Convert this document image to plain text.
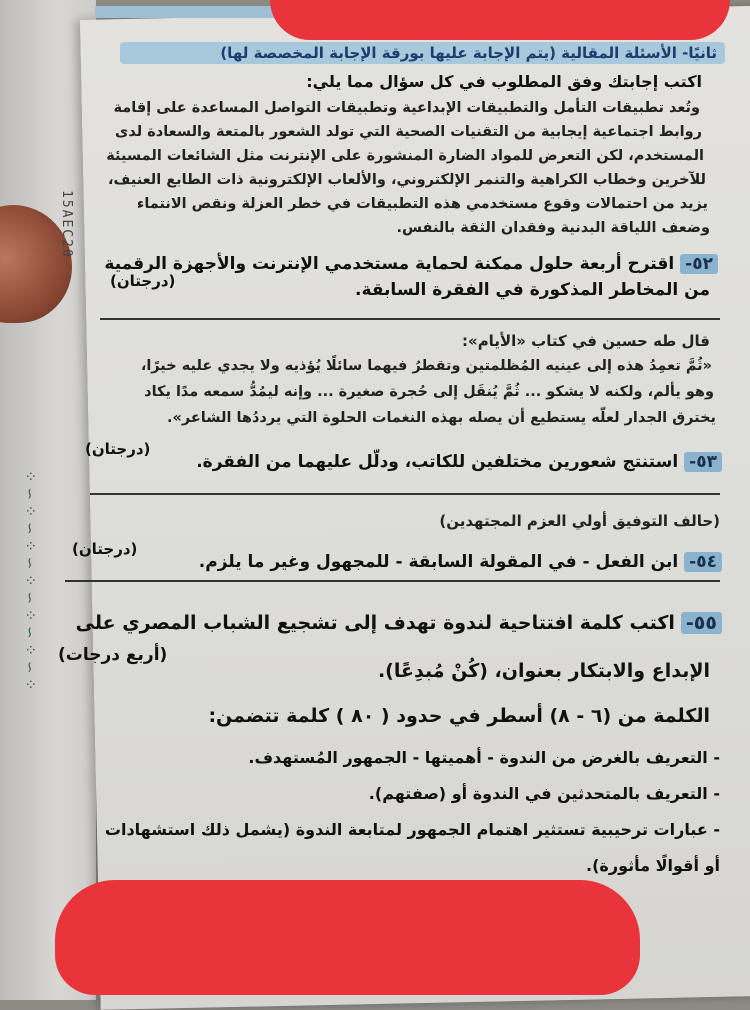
15AEC20
⁘ ∽ ⁘ ∽ ⁘ ∽ ⁘ ∽ ⁘ ∽ ⁘ ∽ ⁘
ثانيًا- الأسئلة المقالية (يتم الإجابة عليها بورقة الإجابة المخصصة لها)
اكتب إجابتك وفق المطلوب في كل سؤال مما يلي:
وتُعد تطبيقات التأمل والتطبيقات الإبداعية وتطبيقات التواصل المساعدة على إقامة
روابط اجتماعية إيجابية من التقنيات الصحية التي تولد الشعور بالمتعة والسعادة لدى
المستخدم، لكن التعرض للمواد الضارة المنشورة على الإنترنت مثل الشائعات المسيئة
للآخرين وخطاب الكراهية والتنمر الإلكتروني، والألعاب الإلكترونية ذات الطابع العنيف،
يزيد من احتمالات وقوع مستخدمي هذه التطبيقات في خطر العزلة ونقص الانتماء
وضعف اللياقة البدنية وفقدان الثقة بالنفس.
٥٢-اقترح أربعة حلول ممكنة لحماية مستخدمي الإنترنت والأجهزة الرقمية
من المخاطر المذكورة في الفقرة السابقة.
(درجتان)
قال طه حسين في كتاب «الأيام»:
«ثُمَّ تعمِدُ هذه إلى عينيه المُظلمتين وتقطرُ فيهما سائلًا يُؤذيه ولا يجدي عليه خيرًا،
وهو يألم، ولكنه لا يشكو ... ثُمَّ يُنقَل إلى حُجرة صغيرة ... وإنه ليمُدُّ سمعه مدًا يكاد
يخترق الجدار لعلّه يستطيع أن يصله بهذه النغمات الحلوة التي يرددُها الشاعر».
٥٣-استنتج شعورين مختلفين للكاتب، ودلّل عليهما من الفقرة.
(درجتان)
(حالف التوفيق أولي العزم المجتهدين)
٥٤-ابن الفعل - في المقولة السابقة - للمجهول وغير ما يلزم.
(درجتان)
٥٥-اكتب كلمة افتتاحية لندوة تهدف إلى تشجيع الشباب المصري على
الإبداع والابتكار بعنوان، (كُنْ مُبدِعًا).
(أربع درجات)
الكلمة من (٦ - ٨) أسطر في حدود ( ٨٠ ) كلمة تتضمن:
- التعريف بالغرض من الندوة - أهميتها - الجمهور المُستهدف.
- التعريف بالمتحدثين في الندوة أو (صفتهم).
- عبارات ترحيبية تستثير اهتمام الجمهور لمتابعة الندوة (يشمل ذلك استشهادات
أو أقوالًا مأثورة).
